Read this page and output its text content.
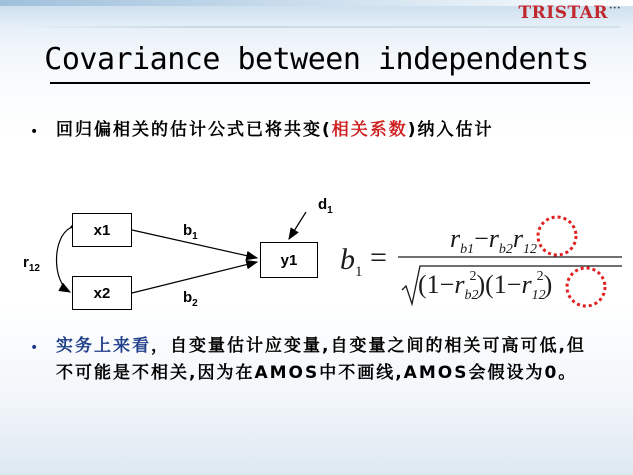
TRISTAR···
Covariance between independents
• 回归偏相关的估计公式已将共变(相关系数)纳入估计
x1
x2
y1
$b_1$
$b_2$
$d_1$
$r_{12}$	$b_1$ =
$r_{b1}-r_{b2}r_{12}$
$(1-r_{b2}^2)(1-r_{12}^2)$
• 实务上来看，自变量估计应变量,自变量之间的相关可高可低,但不可能是不相关,因为在AMOS中不画线,AMOS会假设为0。
